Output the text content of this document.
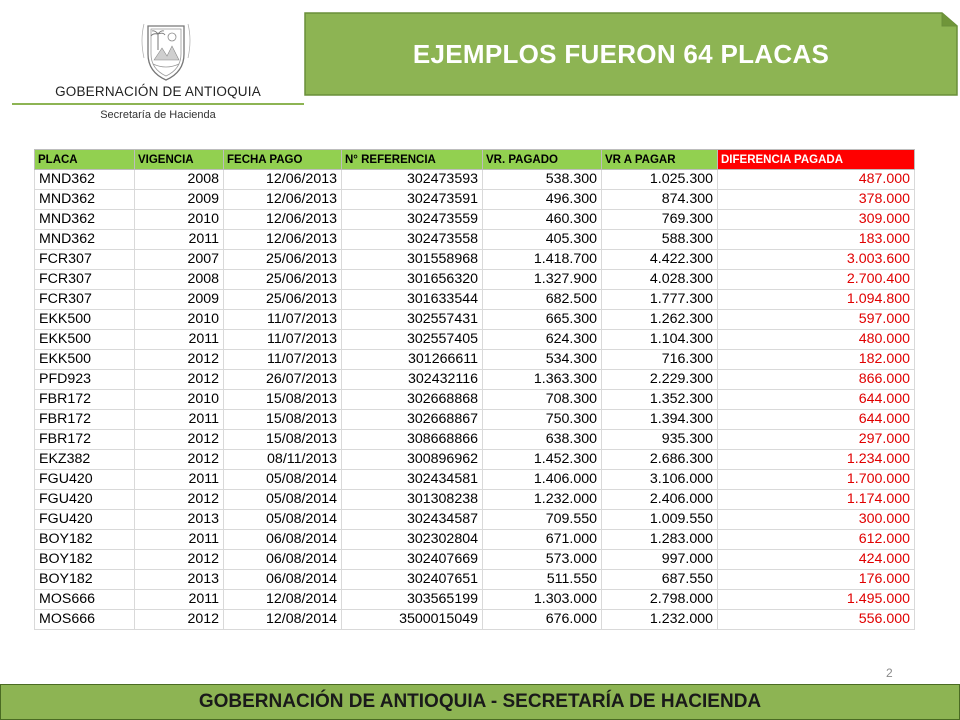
GOBERNACIÓN DE ANTIOQUIA
Secretaría de Hacienda
EJEMPLOS FUERON 64 PLACAS
PLACA	VIGENCIA	FECHA PAGO	N° REFERENCIA	VR. PAGADO	VR A PAGAR	DIFERENCIA PAGADA
MND362	2008	12/06/2013	302473593	538.300	1.025.300	487.000
MND362	2009	12/06/2013	302473591	496.300	874.300	378.000
MND362	2010	12/06/2013	302473559	460.300	769.300	309.000
MND362	2011	12/06/2013	302473558	405.300	588.300	183.000
FCR307	2007	25/06/2013	301558968	1.418.700	4.422.300	3.003.600
FCR307	2008	25/06/2013	301656320	1.327.900	4.028.300	2.700.400
FCR307	2009	25/06/2013	301633544	682.500	1.777.300	1.094.800
EKK500	2010	11/07/2013	302557431	665.300	1.262.300	597.000
EKK500	2011	11/07/2013	302557405	624.300	1.104.300	480.000
EKK500	2012	11/07/2013	301266611	534.300	716.300	182.000
PFD923	2012	26/07/2013	302432116	1.363.300	2.229.300	866.000
FBR172	2010	15/08/2013	302668868	708.300	1.352.300	644.000
FBR172	2011	15/08/2013	302668867	750.300	1.394.300	644.000
FBR172	2012	15/08/2013	308668866	638.300	935.300	297.000
EKZ382	2012	08/11/2013	300896962	1.452.300	2.686.300	1.234.000
FGU420	2011	05/08/2014	302434581	1.406.000	3.106.000	1.700.000
FGU420	2012	05/08/2014	301308238	1.232.000	2.406.000	1.174.000
FGU420	2013	05/08/2014	302434587	709.550	1.009.550	300.000
BOY182	2011	06/08/2014	302302804	671.000	1.283.000	612.000
BOY182	2012	06/08/2014	302407669	573.000	997.000	424.000
BOY182	2013	06/08/2014	302407651	511.550	687.550	176.000
MOS666	2011	12/08/2014	303565199	1.303.000	2.798.000	1.495.000
MOS666	2012	12/08/2014	3500015049	676.000	1.232.000	556.000
2
GOBERNACIÓN DE ANTIOQUIA - SECRETARÍA DE HACIENDA
